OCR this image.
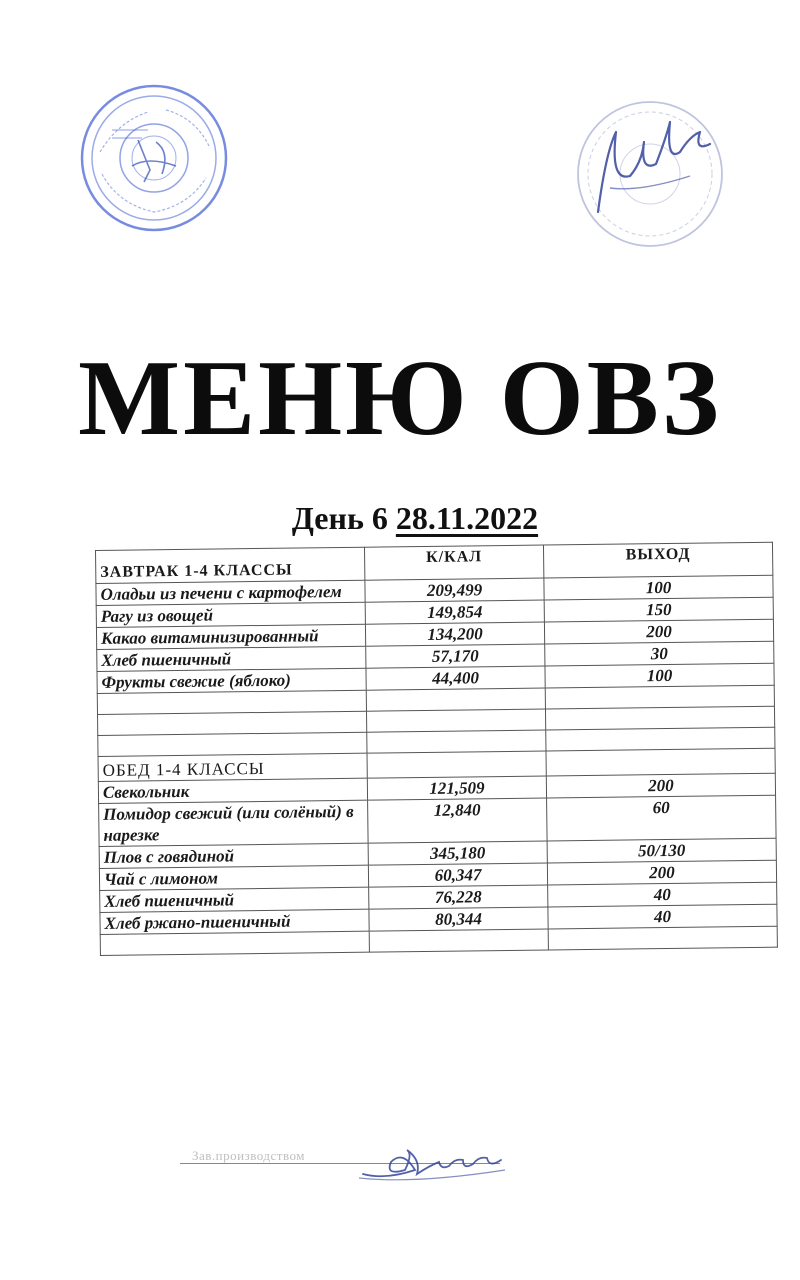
МЕНЮ ОВЗ
День 6 28.11.2022
ЗАВТРАК 1-4 КЛАССЫ	К/КАЛ	ВЫХОД
Оладьи из печени с картофелем	209,499	100
Рагу из овощей	149,854	150
Какао витаминизированный	134,200	200
Хлеб пшеничный	57,170	30
Фрукты свежие (яблоко)	44,400	100

ОБЕД 1-4 КЛАССЫ		
Свекольник	121,509	200
Помидор свежий (или солёный) в нарезке	12,840	60
Плов с говядиной	345,180	50/130
Чай с лимоном	60,347	200
Хлеб пшеничный	76,228	40
Хлеб ржано-пшеничный	80,344	40

Зав.производством
